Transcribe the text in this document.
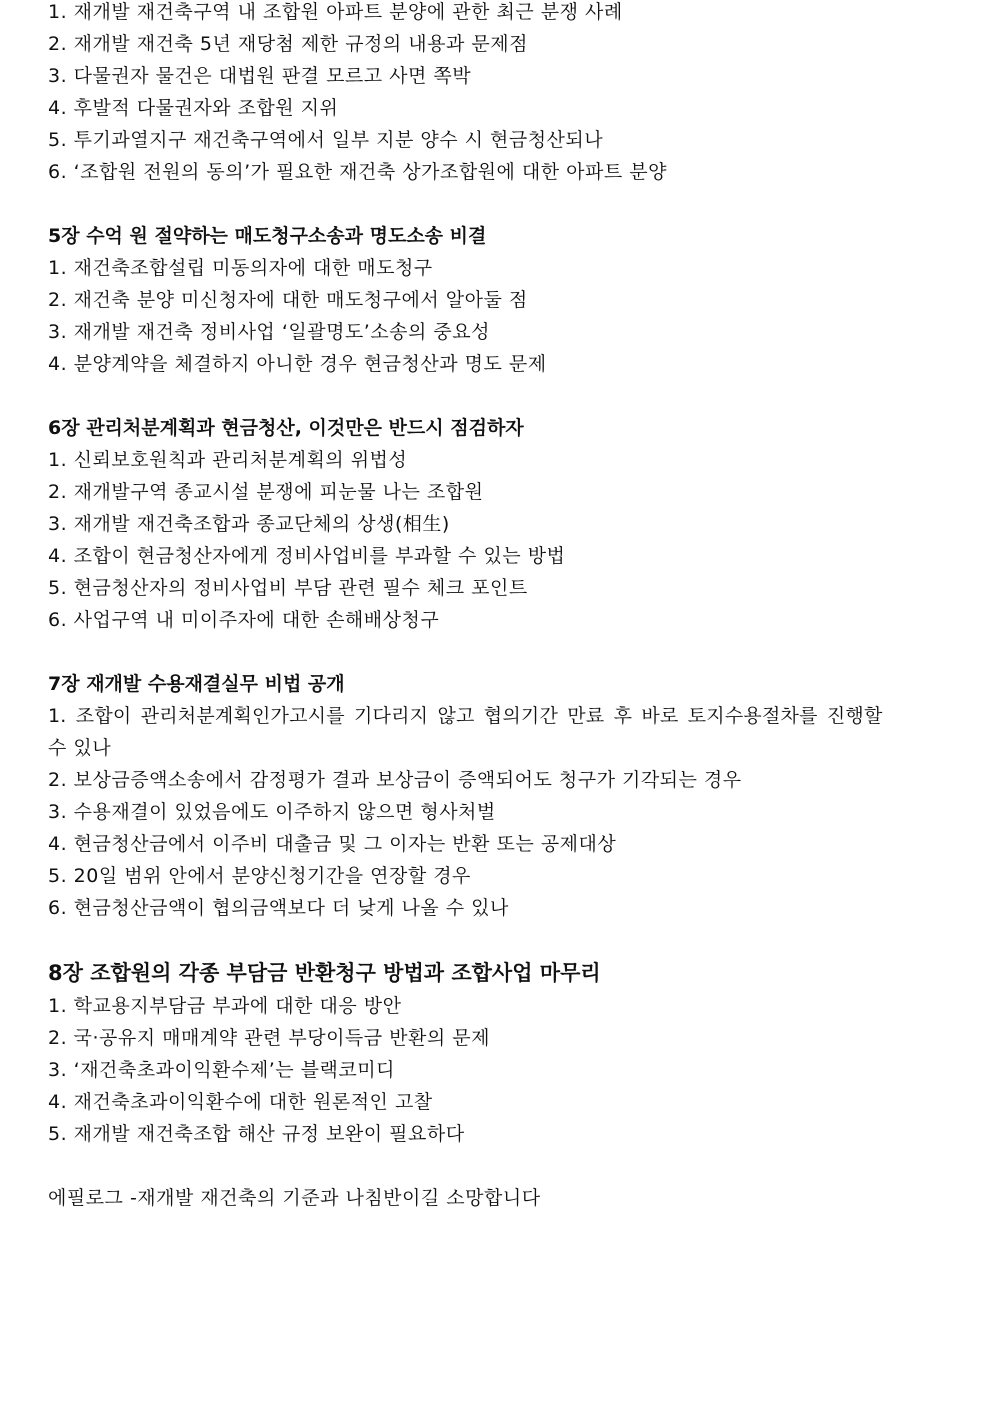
1. 재개발 재건축구역 내 조합원 아파트 분양에 관한 최근 분쟁 사례
2. 재개발 재건축 5년 재당첨 제한 규정의 내용과 문제점
3. 다물권자 물건은 대법원 판결 모르고 사면 쪽박
4. 후발적 다물권자와 조합원 지위
5. 투기과열지구 재건축구역에서 일부 지분 양수 시 현금청산되나
6. ‘조합원 전원의 동의’가 필요한 재건축 상가조합원에 대한 아파트 분양
5장 수억 원 절약하는 매도청구소송과 명도소송 비결
1. 재건축조합설립 미동의자에 대한 매도청구
2. 재건축 분양 미신청자에 대한 매도청구에서 알아둘 점
3. 재개발 재건축 정비사업 ‘일괄명도’소송의 중요성
4. 분양계약을 체결하지 아니한 경우 현금청산과 명도 문제
6장 관리처분계획과 현금청산, 이것만은 반드시 점검하자
1. 신뢰보호원칙과 관리처분계획의 위법성
2. 재개발구역 종교시설 분쟁에 피눈물 나는 조합원
3. 재개발 재건축조합과 종교단체의 상생(相生)
4. 조합이 현금청산자에게 정비사업비를 부과할 수 있는 방법
5. 현금청산자의 정비사업비 부담 관련 필수 체크 포인트
6. 사업구역 내 미이주자에 대한 손해배상청구
7장 재개발 수용재결실무 비법 공개
1. 조합이 관리처분계획인가고시를 기다리지 않고 협의기간 만료 후 바로 토지수용절차를 진행할
수 있나
2. 보상금증액소송에서 감정평가 결과 보상금이 증액되어도 청구가 기각되는 경우
3. 수용재결이 있었음에도 이주하지 않으면 형사처벌
4. 현금청산금에서 이주비 대출금 및 그 이자는 반환 또는 공제대상
5. 20일 범위 안에서 분양신청기간을 연장할 경우
6. 현금청산금액이 협의금액보다 더 낮게 나올 수 있나
8장 조합원의 각종 부담금 반환청구 방법과 조합사업 마무리
1. 학교용지부담금 부과에 대한 대응 방안
2. 국·공유지 매매계약 관련 부당이득금 반환의 문제
3. ‘재건축초과이익환수제’는 블랙코미디
4. 재건축초과이익환수에 대한 원론적인 고찰
5. 재개발 재건축조합 해산 규정 보완이 필요하다
에필로그 -재개발 재건축의 기준과 나침반이길 소망합니다
